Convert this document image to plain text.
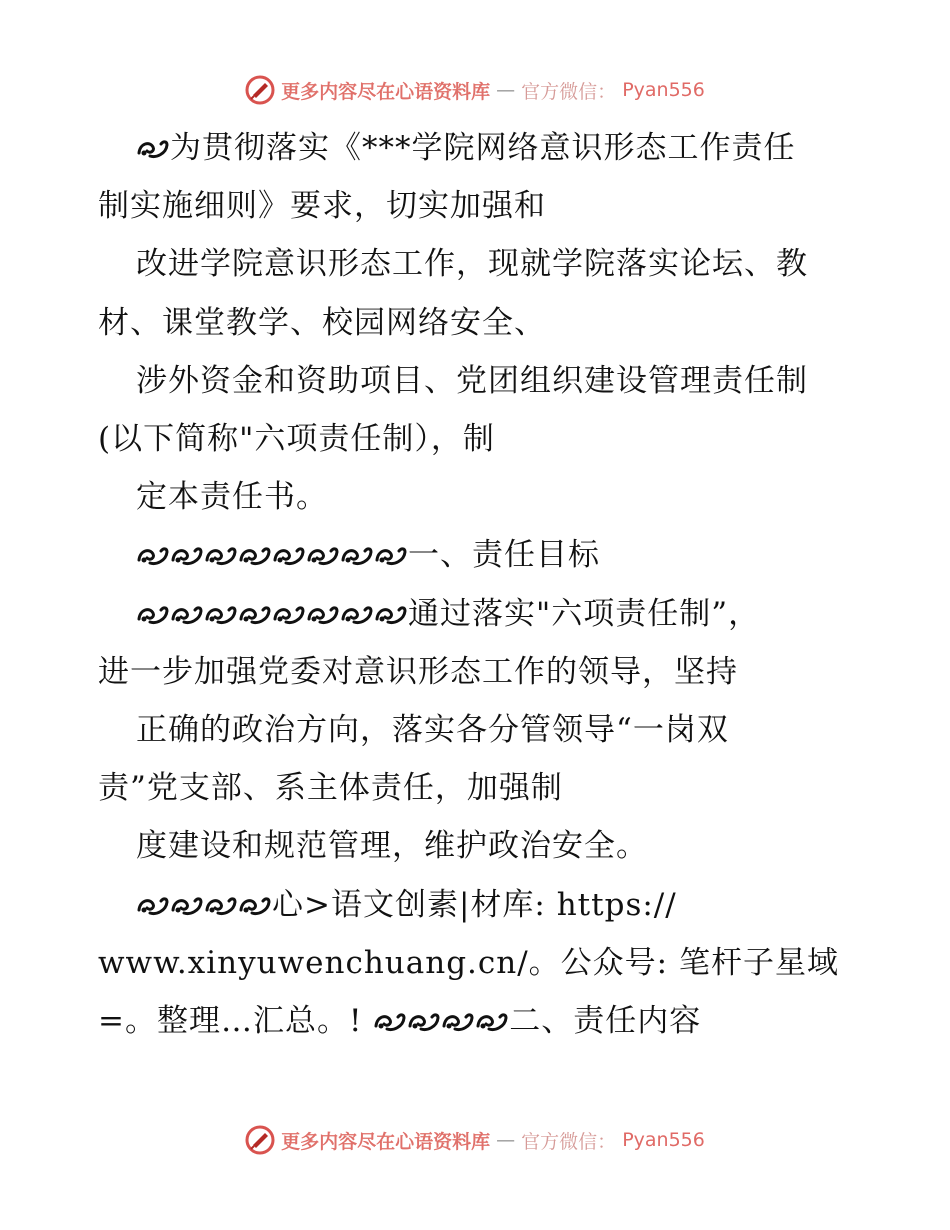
更多内容尽在心语资料库 — 官方微信： Pyan556
为贯彻落实《***学院网络意识形态工作责任
制实施细则》要求，切实加强和
改进学院意识形态工作，现就学院落实论坛、教
材、课堂教学、校园网络安全、
涉外资金和资助项目、党团组织建设管理责任制
(以下简称"六项责任制），制
定本责任书。
一、责任目标
通过落实"六项责任制”，
进一步加强党委对意识形态工作的领导，坚持
正确的政治方向，落实各分管领导“一岗双
责”党支部、系主体责任，加强制
度建设和规范管理，维护政治安全。
心>语文创素|材库: https://
www.xinyuwenchuang.cn/。公众号: 笔杆子星域
=。整理…汇总。!	二、责任内容
更多内容尽在心语资料库 — 官方微信： Pyan556
